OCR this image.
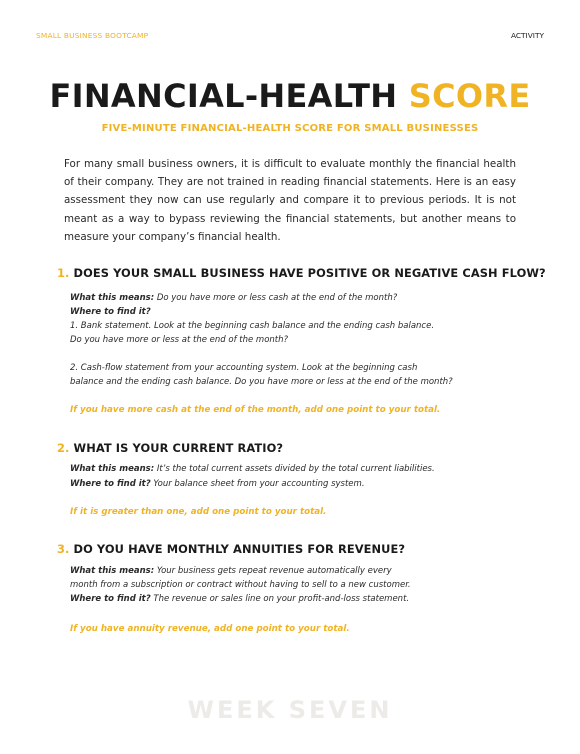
SMALL BUSINESS BOOTCAMP	ACTIVITY
FINANCIAL-HEALTH SCORE
FIVE-MINUTE FINANCIAL-HEALTH SCORE FOR SMALL BUSINESSES

For many small business owners, it is difficult to evaluate monthly the financial health of their company. They are not trained in reading financial statements. Here is an easy assessment they now can use regularly and compare it to previous periods. It is not meant as a way to bypass reviewing the financial statements, but another means to measure your company’s financial health.

1. DOES YOUR SMALL BUSINESS HAVE POSITIVE OR NEGATIVE CASH FLOW?
What this means: Do you have more or less cash at the end of the month?
Where to find it?
1. Bank statement. Look at the beginning cash balance and the ending cash balance.
Do you have more or less at the end of the month?
2. Cash-flow statement from your accounting system. Look at the beginning cash
balance and the ending cash balance. Do you have more or less at the end of the month?
If you have more cash at the end of the month, add one point to your total.
2. WHAT IS YOUR CURRENT RATIO?
What this means: It’s the total current assets divided by the total current liabilities.
Where to find it? Your balance sheet from your accounting system.
If it is greater than one, add one point to your total.
3. DO YOU HAVE MONTHLY ANNUITIES FOR REVENUE?
What this means: Your business gets repeat revenue automatically every
month from a subscription or contract without having to sell to a new customer.
Where to find it? The revenue or sales line on your profit-and-loss statement.
If you have annuity revenue, add one point to your total.
WEEK SEVEN
